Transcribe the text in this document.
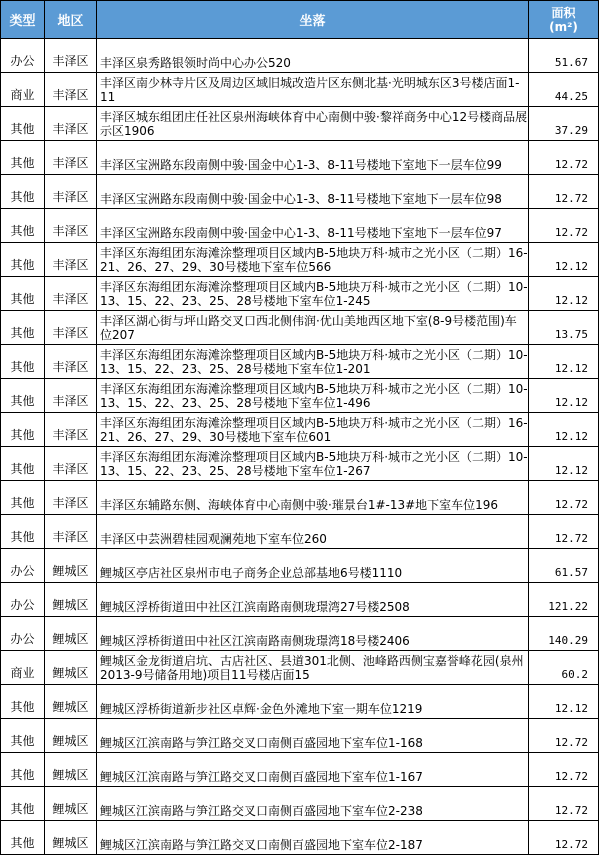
类型	地区	坐落	面积
(m²)
办公	丰泽区	丰泽区泉秀路银领时尚中心办公520	51.67
商业	丰泽区	丰泽区南少林寺片区及周边区域旧城改造片区东侧北基·光明城东区3号楼店面1-11	44.25
其他	丰泽区	丰泽区城东组团庄任社区泉州海峡体育中心南侧中骏·黎祥商务中心12号楼商品展示区1906	37.29
其他	丰泽区	丰泽区宝洲路东段南侧中骏·国金中心1-3、8-11号楼地下室地下一层车位99	12.72
其他	丰泽区	丰泽区宝洲路东段南侧中骏·国金中心1-3、8-11号楼地下室地下一层车位98	12.72
其他	丰泽区	丰泽区宝洲路东段南侧中骏·国金中心1-3、8-11号楼地下室地下一层车位97	12.72
其他	丰泽区	丰泽区东海组团东海滩涂整理项目区域内B-5地块万科·城市之光小区（二期）16-21、26、27、29、30号楼地下室车位566	12.12
其他	丰泽区	丰泽区东海组团东海滩涂整理项目区域内B-5地块万科·城市之光小区（二期）10-13、15、22、23、25、28号楼地下室车位1-245	12.12
其他	丰泽区	丰泽区湖心街与坪山路交叉口西北侧伟润·优山美地西区地下室(8-9号楼范围)车位207	13.75
其他	丰泽区	丰泽区东海组团东海滩涂整理项目区域内B-5地块万科·城市之光小区（二期）10-13、15、22、23、25、28号楼地下室车位1-201	12.12
其他	丰泽区	丰泽区东海组团东海滩涂整理项目区域内B-5地块万科·城市之光小区（二期）10-13、15、22、23、25、28号楼地下室车位1-496	12.12
其他	丰泽区	丰泽区东海组团东海滩涂整理项目区域内B-5地块万科·城市之光小区（二期）16-21、26、27、29、30号楼地下室车位601	12.12
其他	丰泽区	丰泽区东海组团东海滩涂整理项目区域内B-5地块万科·城市之光小区（二期）10-13、15、22、23、25、28号楼地下室车位1-267	12.12
其他	丰泽区	丰泽区东辅路东侧、海峡体育中心南侧中骏·璀景台1#-13#地下室车位196	12.72
其他	丰泽区	丰泽区中芸洲碧桂园观澜苑地下室车位260	12.72
办公	鲤城区	鲤城区亭店社区泉州市电子商务企业总部基地6号楼1110	61.57
办公	鲤城区	鲤城区浮桥街道田中社区江滨南路南侧珑璟湾27号楼2508	121.22
办公	鲤城区	鲤城区浮桥街道田中社区江滨南路南侧珑璟湾18号楼2406	140.29
商业	鲤城区	鲤城区金龙街道启坑、古店社区、县道301北侧、池峰路西侧宝嘉誉峰花园(泉州2013-9号储备用地)项目11号楼店面15	60.2
其他	鲤城区	鲤城区浮桥街道新步社区卓辉·金色外滩地下室一期车位1219	12.12
其他	鲤城区	鲤城区江滨南路与笋江路交叉口南侧百盛园地下室车位1-168	12.72
其他	鲤城区	鲤城区江滨南路与笋江路交叉口南侧百盛园地下室车位1-167	12.72
其他	鲤城区	鲤城区江滨南路与笋江路交叉口南侧百盛园地下室车位2-238	12.72
其他	鲤城区	鲤城区江滨南路与笋江路交叉口南侧百盛园地下室车位2-187	12.72
